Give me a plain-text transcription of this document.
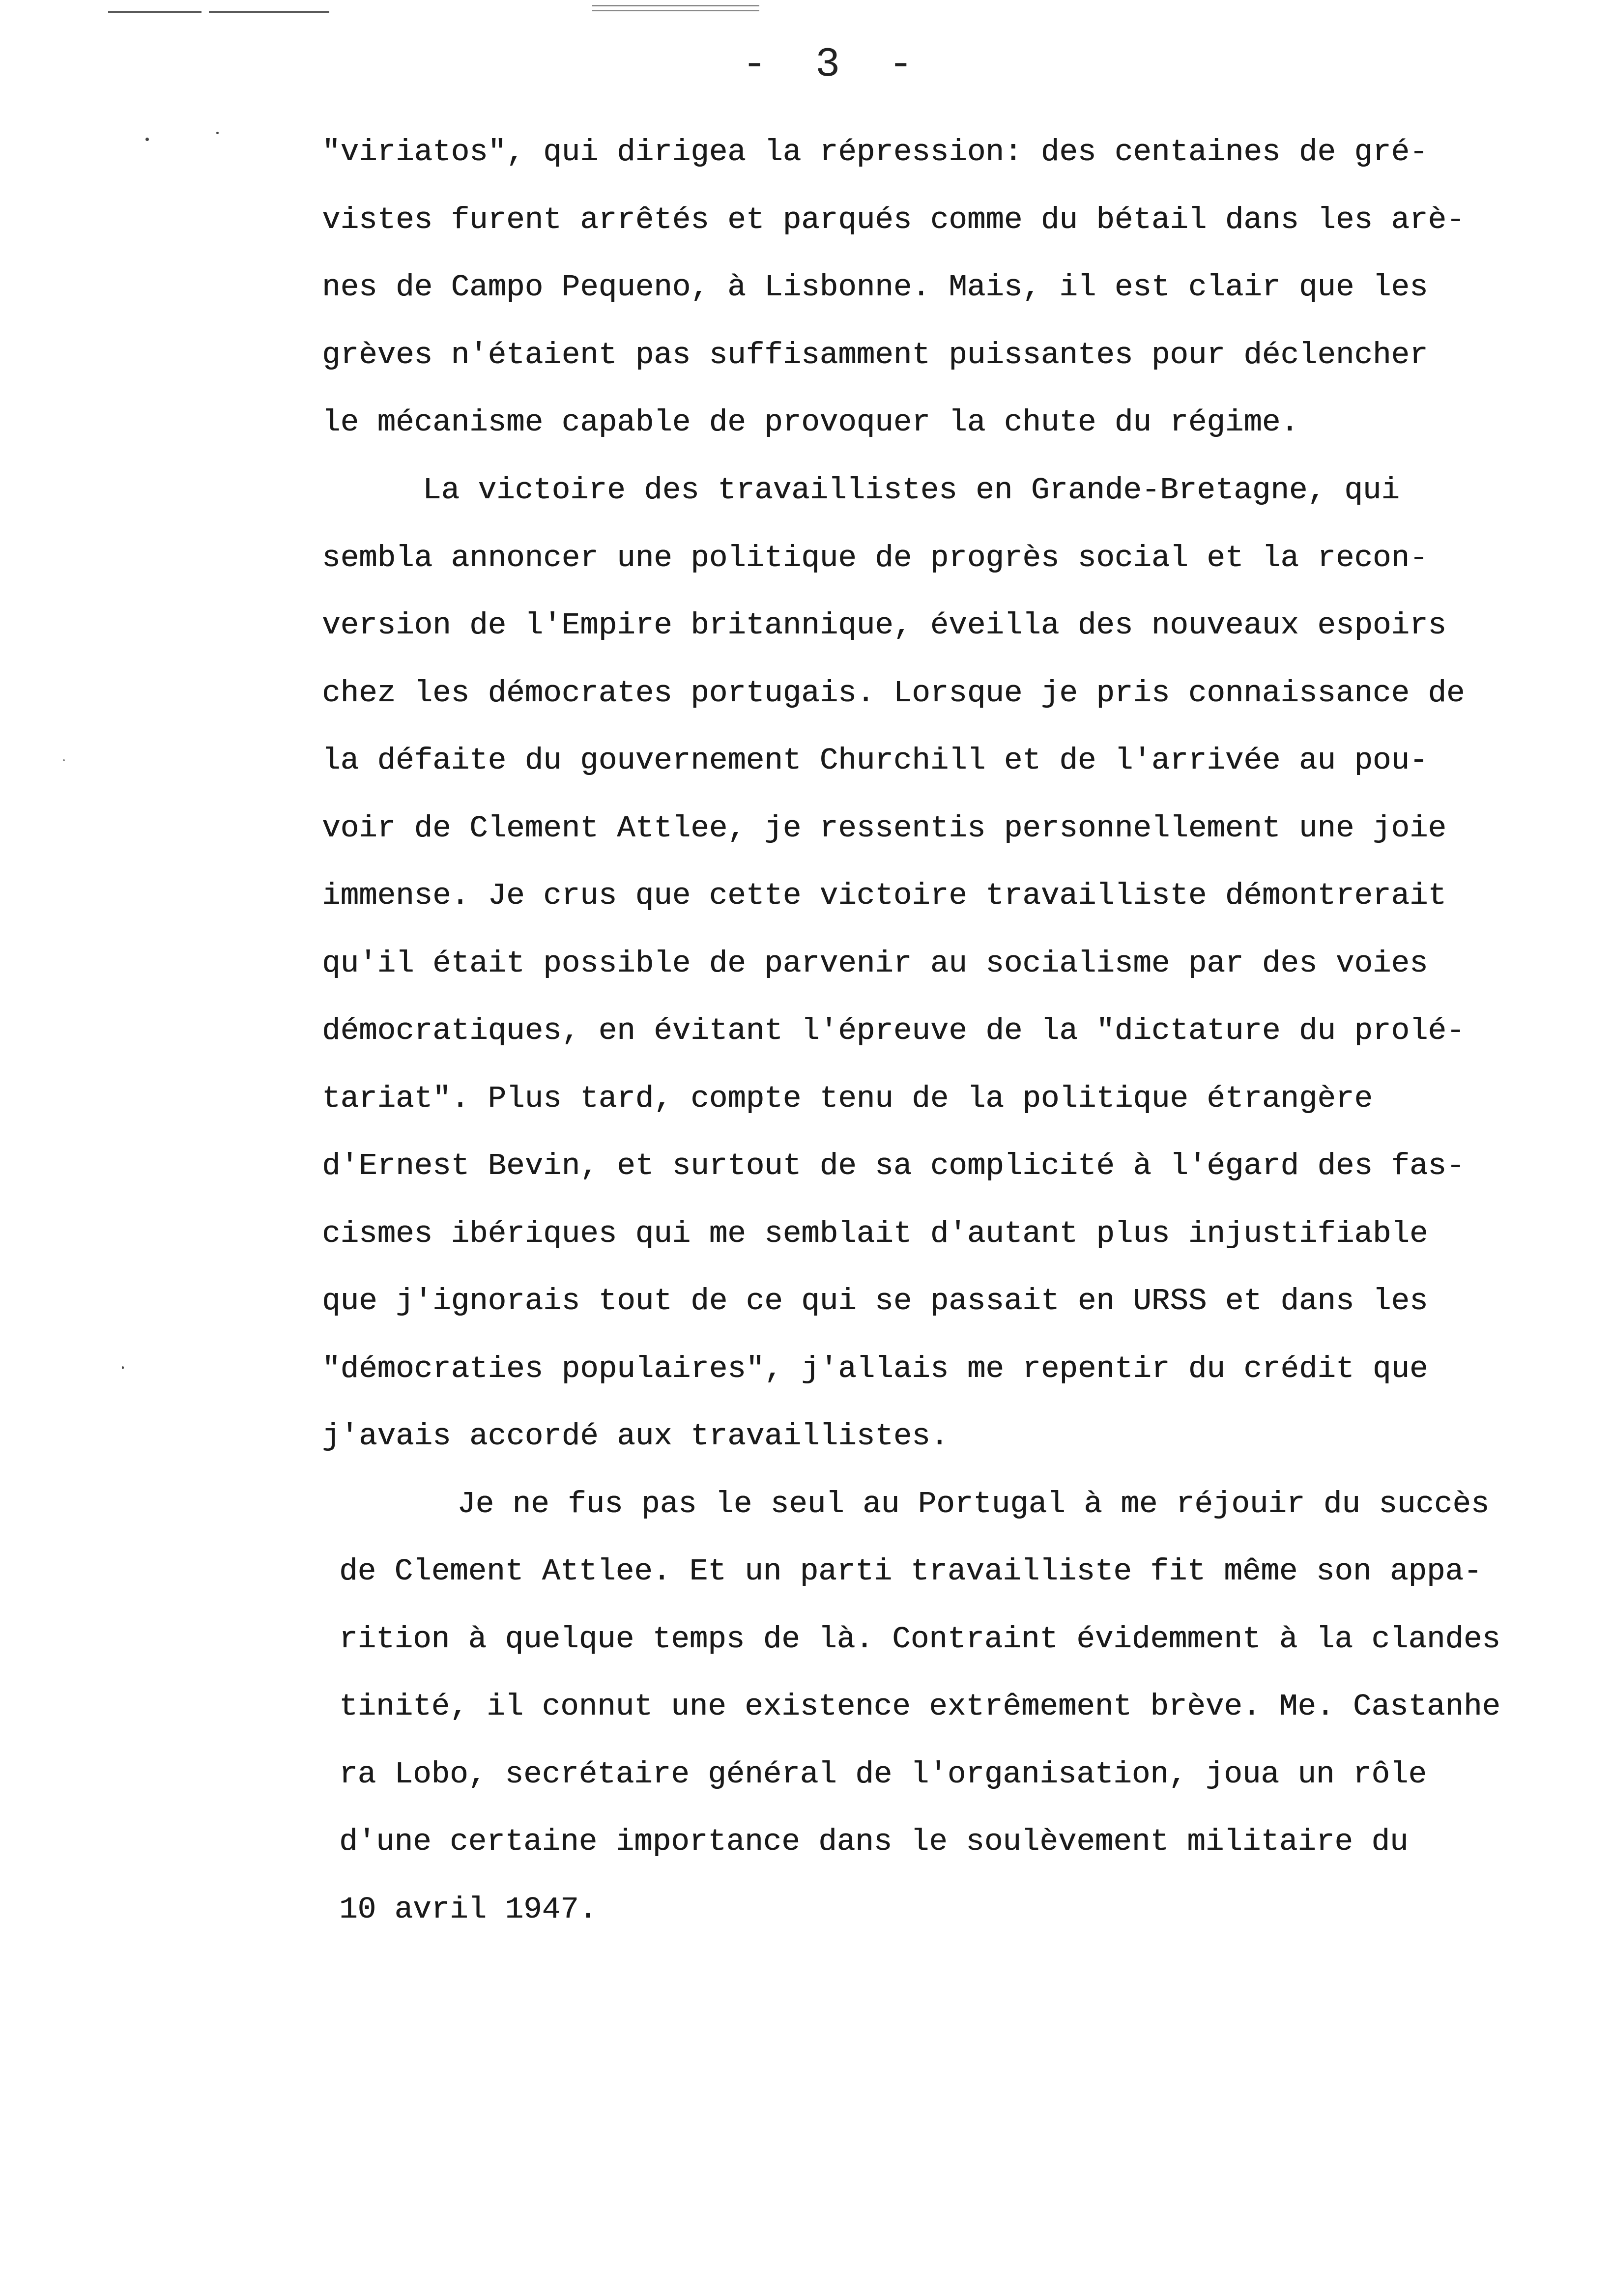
- 3 -
"viriatos", qui dirigea la répression: des centaines de gré-
vistes furent arrêtés et parqués comme du bétail dans les arè-
nes de Campo Pequeno, à Lisbonne. Mais, il est clair que les
grèves n'étaient pas suffisamment puissantes pour déclencher
le mécanisme capable de provoquer la chute du régime.
La victoire des travaillistes en Grande-Bretagne, qui
sembla annoncer une politique de progrès social et la recon-
version de l'Empire britannique, éveilla des nouveaux espoirs
chez les démocrates portugais. Lorsque je pris connaissance de
la défaite du gouvernement Churchill et de l'arrivée au pou-
voir de Clement Attlee, je ressentis personnellement une joie
immense. Je crus que cette victoire travailliste démontrerait
qu'il était possible de parvenir au socialisme par des voies
démocratiques, en évitant l'épreuve de la "dictature du prolé-
tariat". Plus tard, compte tenu de la politique étrangère
d'Ernest Bevin, et surtout de sa complicité à l'égard des fas-
cismes ibériques qui me semblait d'autant plus injustifiable
que j'ignorais tout de ce qui se passait en URSS et dans les
"démocraties populaires", j'allais me repentir du crédit que
j'avais accordé aux travaillistes.
Je ne fus pas le seul au Portugal à me réjouir du succès
de Clement Attlee. Et un parti travailliste fit même son appa-
rition à quelque temps de là. Contraint évidemment à la clandes
tinité, il connut une existence extrêmement brève. Me. Castanhe
ra Lobo, secrétaire général de l'organisation, joua un rôle
d'une certaine importance dans le soulèvement militaire du
10 avril 1947.
